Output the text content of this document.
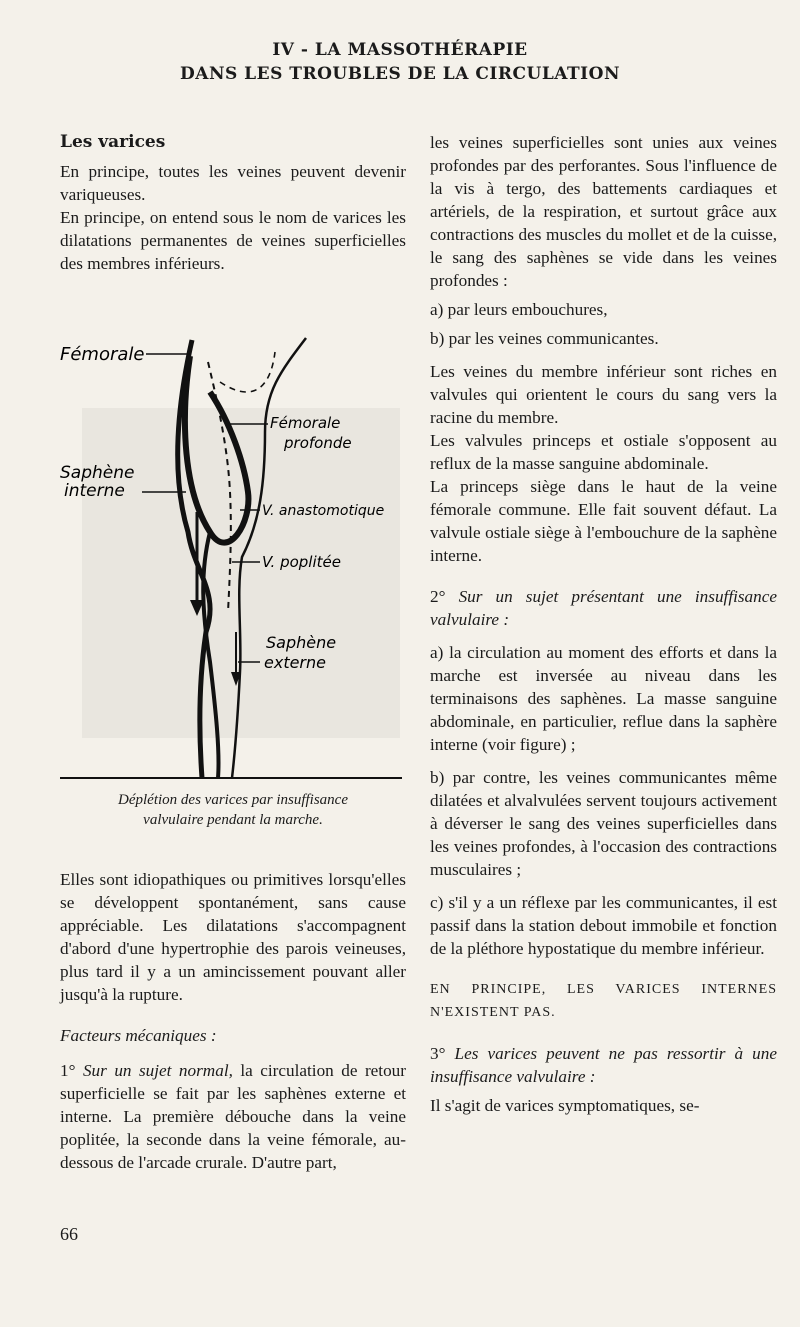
IV - LA MASSOTHÉRAPIE
DANS LES TROUBLES DE LA CIRCULATION

Les varices

En principe, toutes les veines peuvent devenir variqueuses.

En principe, on entend sous le nom de varices les dilatations permanentes de veines superficielles des membres inférieurs.

Fémorale
Fémorale
profonde
Saphène
interne
V. anastomotique
V. poplitée
Saphène
externe

Déplétion des varices par insuffisance

valvulaire pendant la marche.

Elles sont idiopathiques ou primitives lorsqu'elles se développent spontanément, sans cause appréciable. Les dilatations s'accompagnent d'abord d'une hypertrophie des parois veineuses, plus tard il y a un amincissement pouvant aller jusqu'à la rupture.

Facteurs mécaniques :

1° Sur un sujet normal, la circulation de retour superficielle se fait par les saphènes externe et interne. La première débouche dans la veine poplitée, la seconde dans la veine fémorale, au-dessous de l'arcade crurale. D'autre part,

les veines superficielles sont unies aux veines profondes par des perforantes. Sous l'influence de la vis à tergo, des battements cardiaques et artériels, de la respiration, et surtout grâce aux contractions des muscles du mollet et de la cuisse, le sang des saphènes se vide dans les veines profondes :

a) par leurs embouchures,

b) par les veines communicantes.

Les veines du membre inférieur sont riches en valvules qui orientent le cours du sang vers la racine du membre.

Les valvules princeps et ostiale s'opposent au reflux de la masse sanguine abdominale.

La princeps siège dans le haut de la veine fémorale commune. Elle fait souvent défaut. La valvule ostiale siège à l'embouchure de la saphène interne.

2° Sur un sujet présentant une insuffisance valvulaire :

a) la circulation au moment des efforts et dans la marche est inversée au niveau dans les terminaisons des saphènes. La masse sanguine abdominale, en particulier, reflue dans la saphère interne (voir figure) ;

b) par contre, les veines communicantes même dilatées et alvalvulées servent toujours activement à déverser le sang des veines superficielles dans les veines profondes, à l'occasion des contractions musculaires ;

c) s'il y a un réflexe par les communicantes, il est passif dans la station debout immobile et fonction de la pléthore hypostatique du membre inférieur.

EN PRINCIPE, LES VARICES INTERNES N'EXISTENT PAS.

3° Les varices peuvent ne pas ressortir à une insuffisance valvulaire :

Il s'agit de varices symptomatiques, se-

66
